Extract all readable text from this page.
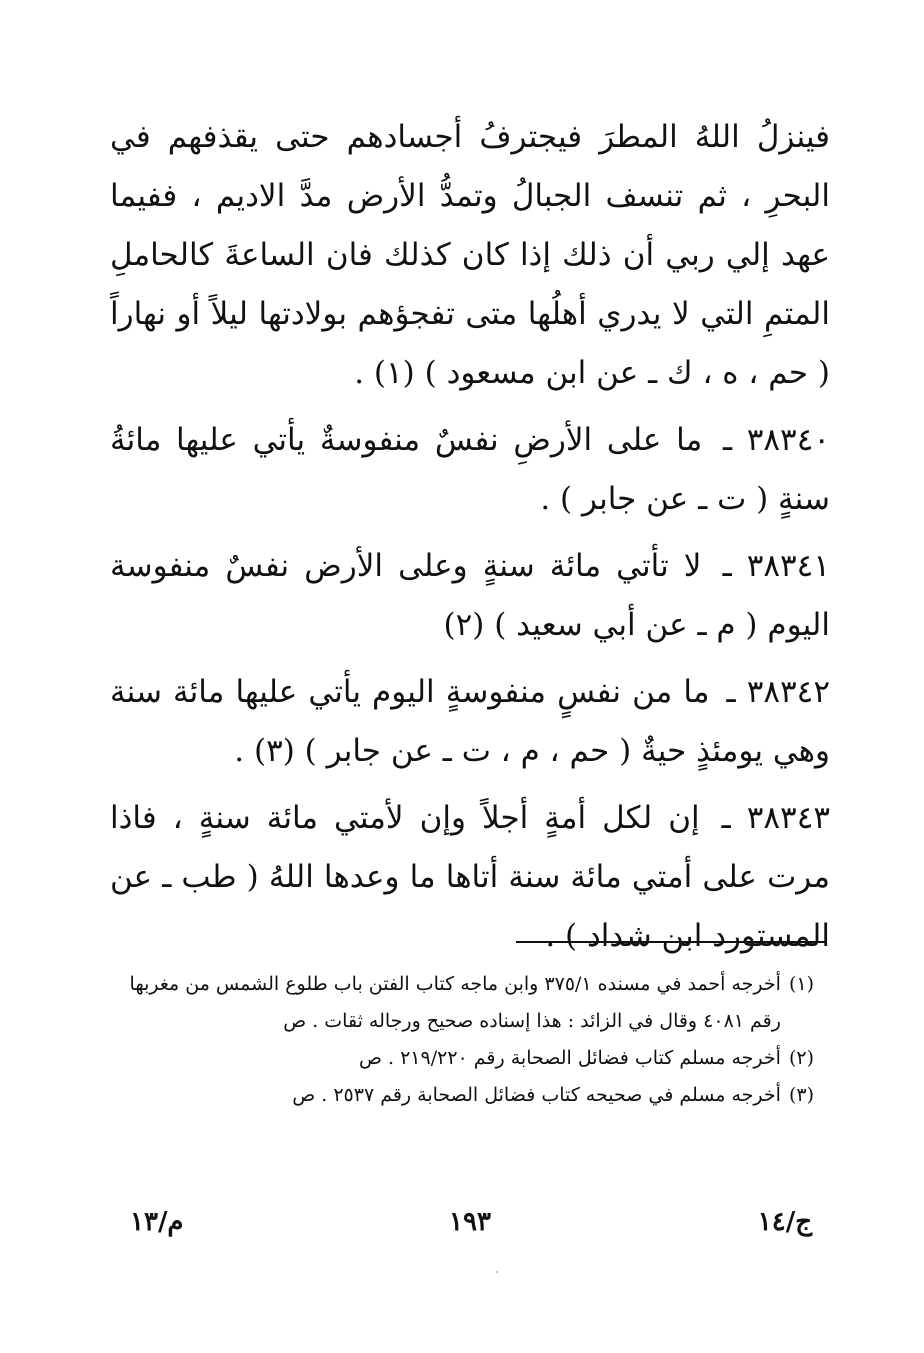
فينزلُ اللهُ المطرَ فيجترفُ أجسادهم حتى يقذفهم في البحرِ ، ثم تنسف الجبالُ وتمدُّ الأرض مدَّ الاديم ، ففيما عهد إلي ربي أن ذلك إذا كان كذلك فان الساعةَ كالحاملِ المتمِ التي لا يدري أهلُها متى تفجؤهم بولادتها ليلاً أو نهاراً ( حم ، ه ، ك ـ عن ابن مسعود ) (١) .

٣٨٣٤٠ ـ ما على الأرضِ نفسٌ منفوسةٌ يأتي عليها مائةُ سنةٍ ( ت ـ عن جابر ) .

٣٨٣٤١ ـ لا تأتي مائة سنةٍ وعلى الأرض نفسٌ منفوسة اليوم ( م ـ عن أبي سعيد ) (٢)

٣٨٣٤٢ ـ ما من نفسٍ منفوسةٍ اليوم يأتي عليها مائة سنة وهي يومئذٍ حيةٌ ( حم ، م ، ت ـ عن جابر ) (٣) .

٣٨٣٤٣ ـ إن لكل أمةٍ أجلاً وإن لأمتي مائة سنةٍ ، فاذا مرت على أمتي مائة سنة أتاها ما وعدها اللهُ ( طب ـ عن المستورد ابن شداد ) .

(١)
أخرجه أحمد في مسنده ٣٧٥/١ وابن ماجه كتاب الفتن باب طلوع الشمس من مغربها رقم ٤٠٨١ وقال في الزائد : هذا إسناده صحيح ورجاله ثقات . ص

(٢)
أخرجه مسلم كتاب فضائل الصحابة رقم ٢١٩/٢٢٠ . ص

(٣)
أخرجه مسلم في صحيحه كتاب فضائل الصحابة رقم ٢٥٣٧ . ص

ج/١٤
١٩٣
م/١٣
